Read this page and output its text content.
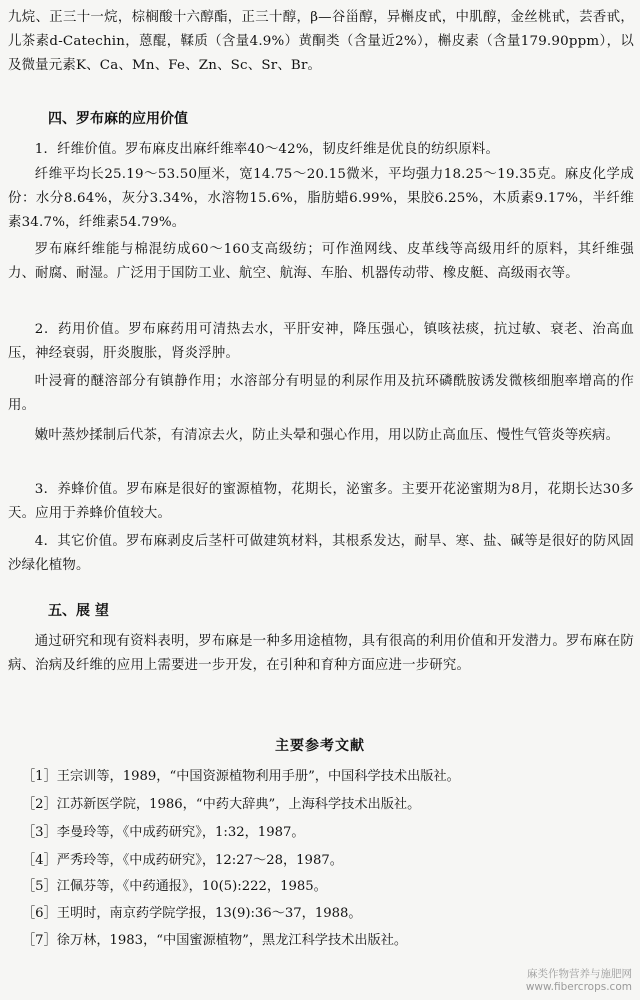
九烷、正三十一烷，棕榈酸十六醇酯，正三十醇，β—谷甾醇，异槲皮甙，中肌醇，金丝桃甙，芸香甙，儿茶素d-Catechin，蒽醌，鞣质（含量4.9%）黄酮类（含量近2%），槲皮素（含量179.90ppm），以及微量元素K、Ca、Mn、Fe、Zn、Sc、Sr、Br。

四、罗布麻的应用价值

1．纤维价值。罗布麻皮出麻纤维率40～42%，韧皮纤维是优良的纺织原料。

纤维平均长25.19～53.50厘米，宽14.75～20.15微米，平均强力18.25～19.35克。麻皮化学成份：水分8.64%，灰分3.34%，水溶物15.6%，脂肪蜡6.99%，果胶6.25%，木质素9.17%，半纤维素34.7%，纤维素54.79%。

罗布麻纤维能与棉混纺成60～160支高级纺；可作渔网线、皮革线等高级用纤的原料，其纤维强力、耐腐、耐湿。广泛用于国防工业、航空、航海、车胎、机器传动带、橡皮艇、高级雨衣等。

2．药用价值。罗布麻药用可清热去水，平肝安神，降压强心，镇咳祛痰，抗过敏、衰老、治高血压，神经衰弱，肝炎腹胀，肾炎浮肿。

叶浸膏的醚溶部分有镇静作用；水溶部分有明显的利尿作用及抗环磷酰胺诱发微核细胞率增高的作用。

嫩叶蒸炒揉制后代茶，有清凉去火，防止头晕和强心作用，用以防止高血压、慢性气管炎等疾病。

3．养蜂价值。罗布麻是很好的蜜源植物，花期长，泌蜜多。主要开花泌蜜期为8月，花期长达30多天。应用于养蜂价值较大。

4．其它价值。罗布麻剥皮后茎杆可做建筑材料，其根系发达，耐旱、寒、盐、碱等是很好的防风固沙绿化植物。

五、展 望

通过研究和现有资料表明，罗布麻是一种多用途植物，具有很高的利用价值和开发潜力。罗布麻在防病、治病及纤维的应用上需要进一步开发，在引种和育种方面应进一步研究。

主要参考文献

［1］王宗训等，1989，“中国资源植物利用手册”，中国科学技术出版社。

［2］江苏新医学院，1986，“中药大辞典”，上海科学技术出版社。

［3］李曼玲等，《中成药研究》，1:32，1987。

［4］严秀玲等，《中成药研究》，12:27～28，1987。

［5］江佩芬等，《中药通报》，10(5):222，1985。

［6］王明时，南京药学院学报，13(9):36～37，1988。

［7］徐万林，1983，“中国蜜源植物”，黑龙江科学技术出版社。

麻类作物营养与施肥网
www.fibercrops.com
